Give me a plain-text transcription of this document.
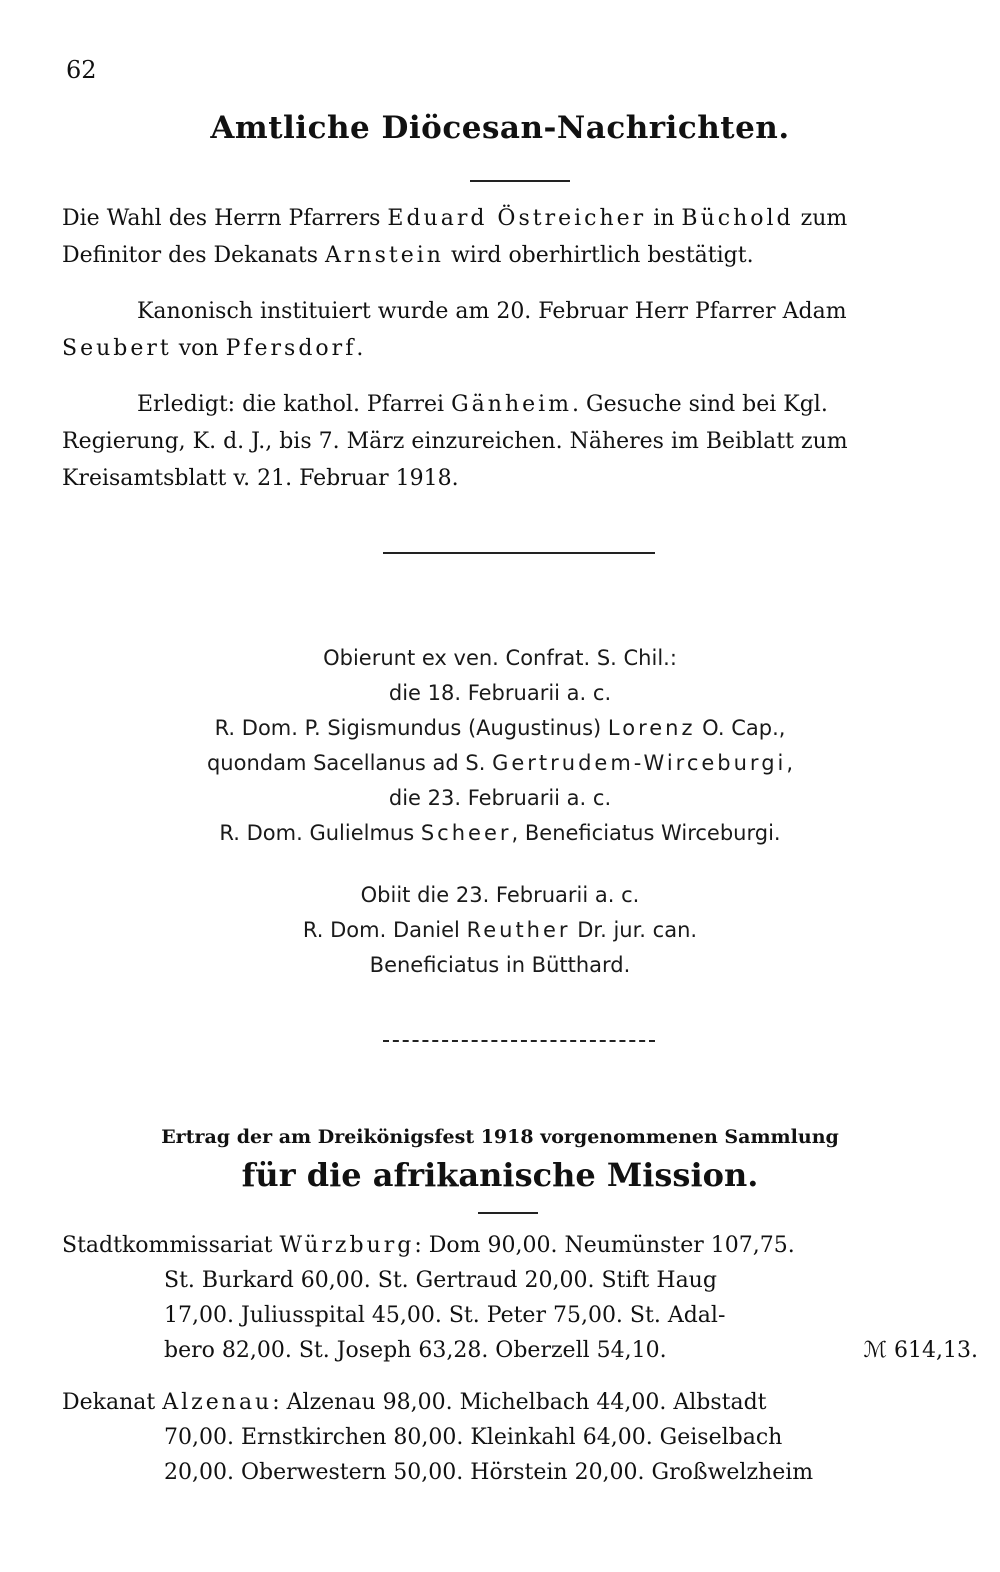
62
Amtliche Diöcesan-Nachrichten.

Die Wahl des Herrn Pfarrers Eduard Östreicher in Büchold zum

Definitor des Dekanats Arnstein wird oberhirtlich bestätigt.

Kanonisch instituiert wurde am 20. Februar Herr Pfarrer Adam

Seubert von Pfersdorf.

Erledigt: die kathol. Pfarrei Gänheim. Gesuche sind bei Kgl.

Regierung, K. d. J., bis 7. März einzureichen. Näheres im Beiblatt zum

Kreisamtsblatt v. 21. Februar 1918.

Obierunt ex ven. Confrat. S. Chil.:

die 18. Februarii a. c.

R. Dom. P. Sigismundus (Augustinus) Lorenz O. Cap.,

quondam Sacellanus ad S. Gertrudem-Wirceburgi,

die 23. Februarii a. c.

R. Dom. Gulielmus Scheer, Beneficiatus Wirceburgi.

Obiit die 23. Februarii a. c.

R. Dom. Daniel Reuther Dr. jur. can.

Beneficiatus in Bütthard.

Ertrag der am Dreikönigsfest 1918 vorgenommenen Sammlung
für die afrikanische Mission.

Stadtkommissariat Würzburg: Dom 90,00. Neumünster 107,75.

St. Burkard 60,00. St. Gertraud 20,00. Stift Haug

17,00. Juliusspital 45,00. St. Peter 75,00. St. Adal-

bero 82,00. St. Joseph 63,28. Oberzell 54,10.	ℳ 614,13.

Dekanat Alzenau: Alzenau 98,00. Michelbach 44,00. Albstadt

70,00. Ernstkirchen 80,00. Kleinkahl 64,00. Geiselbach

20,00. Oberwestern 50,00. Hörstein 20,00. Großwelzheim
